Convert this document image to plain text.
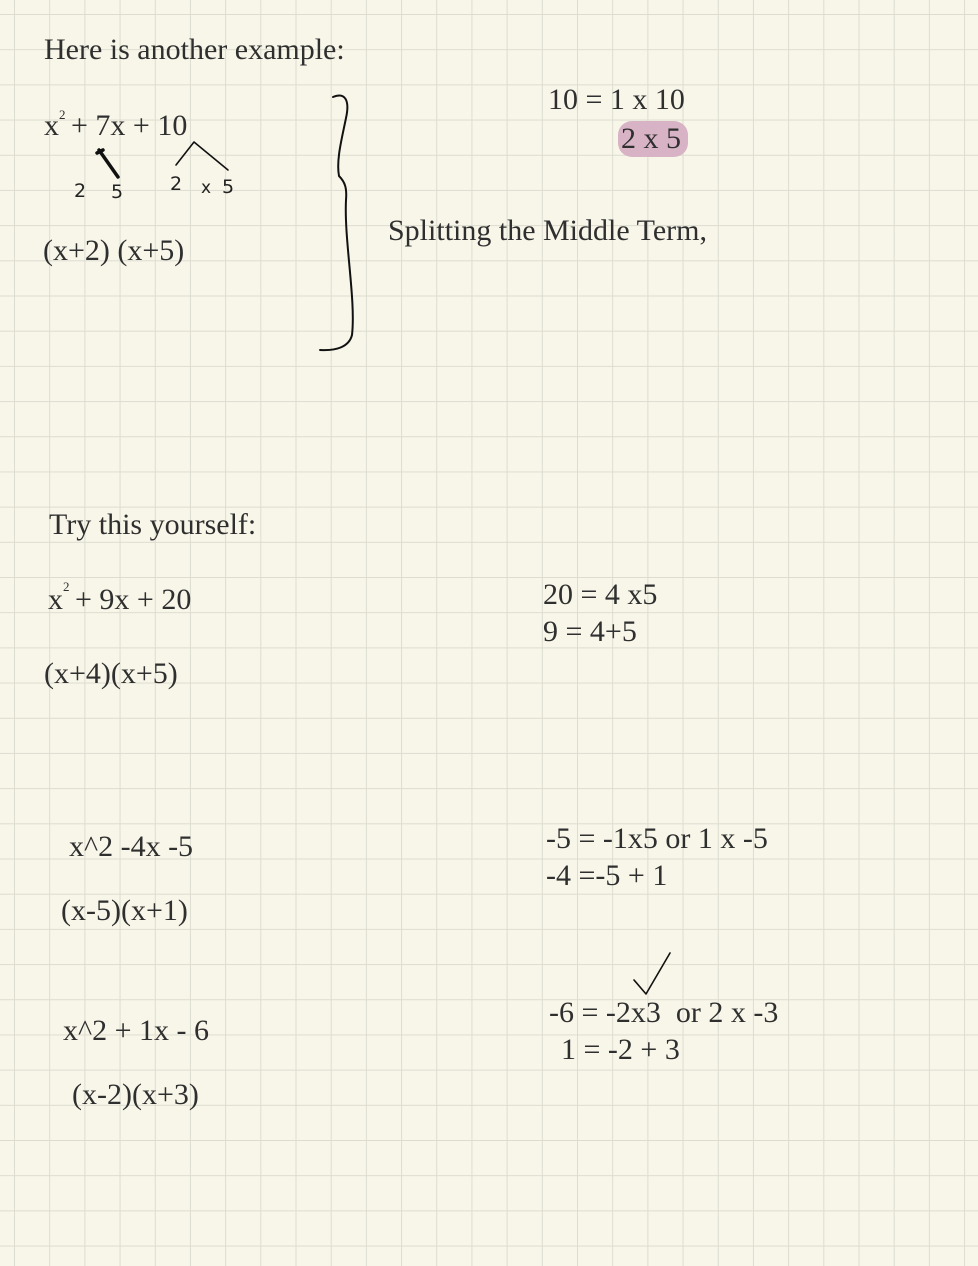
Here is another example:
x 2 + 7x + 10
2 5 2 x 5
(x+2) (x+5)
10 = 1 x 10
2 x 5
Splitting the Middle Term,
Try this yourself:
x 2 + 9x + 20
(x+4)(x+5)
20 = 4 x5
9 = 4+5
x^2 -4x -5
(x-5)(x+1)
-5 = -1x5 or 1 x -5
-4 =-5 + 1
x^2 + 1x - 6
(x-2)(x+3)
-6 = -2x3  or 2 x -3
1 = -2 + 3
